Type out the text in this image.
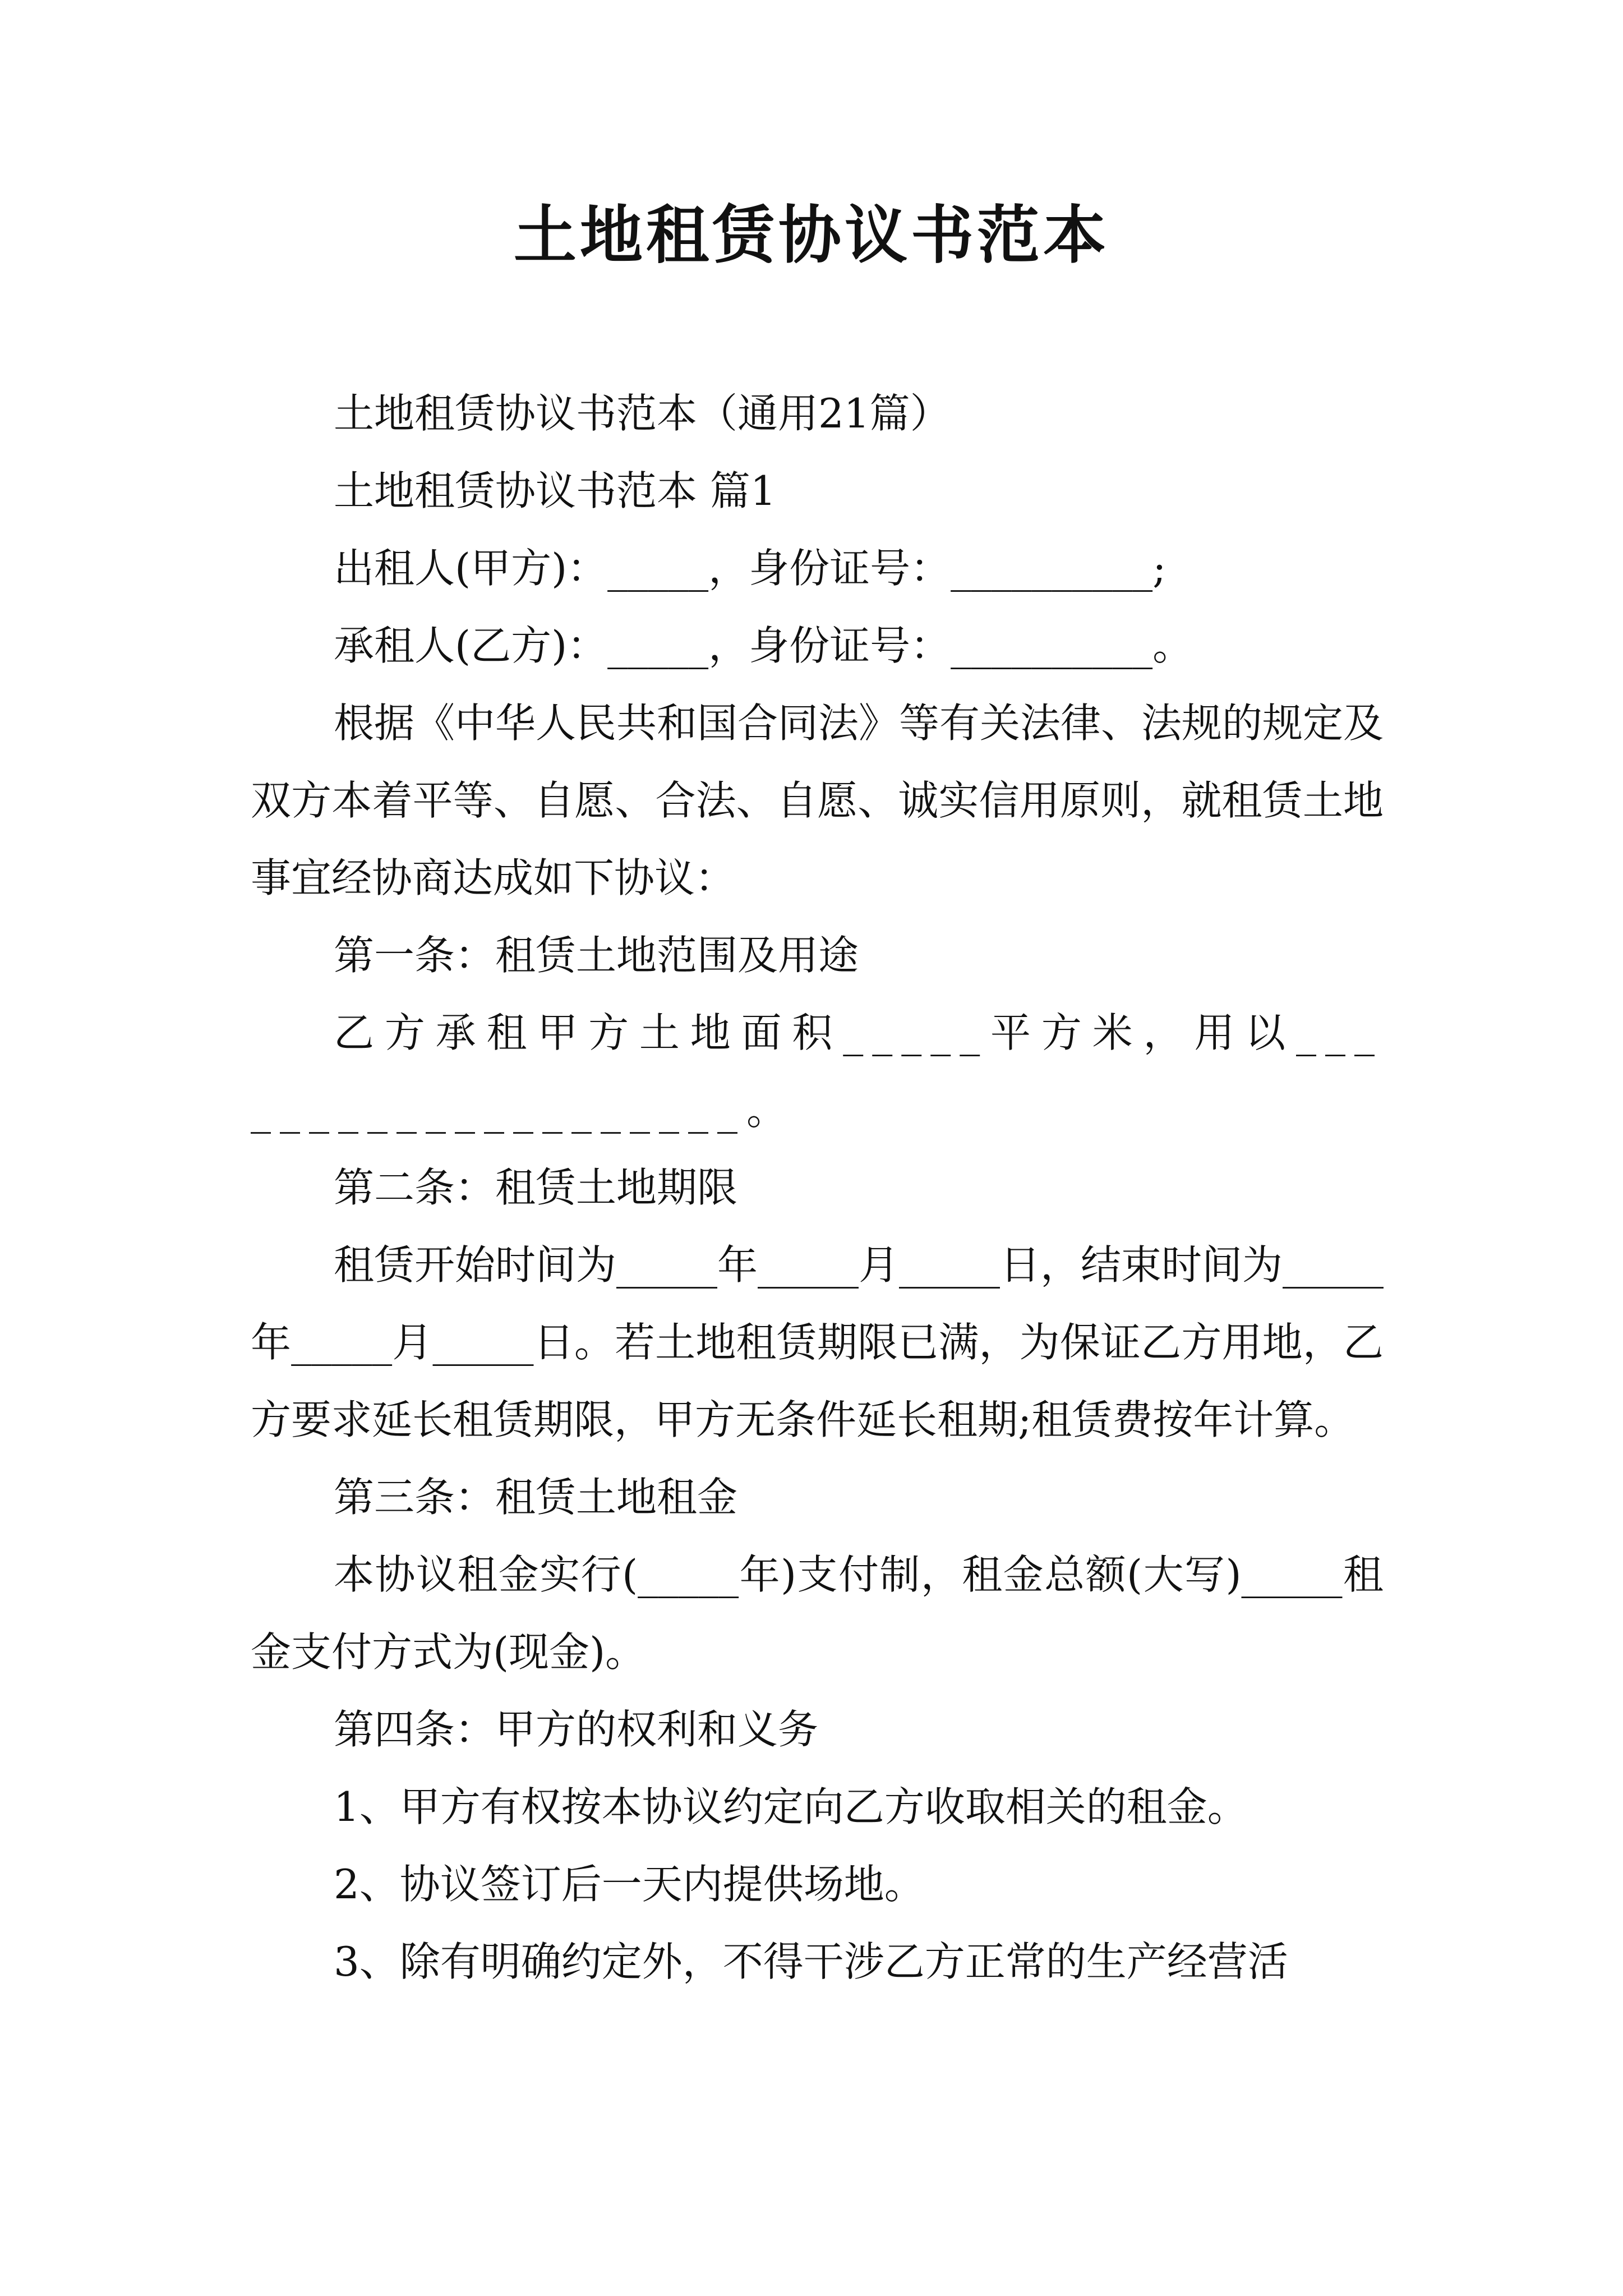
土地租赁协议书范本

土地租赁协议书范本（通用21篇）

土地租赁协议书范本 篇1

出租人(甲方)：_____，身份证号：__________;

承租人(乙方)：_____，身份证号：__________。

根据《中华人民共和国合同法》等有关法律、法规的规定及双方本着平等、自愿、合法、自愿、诚实信用原则，就租赁土地事宜经协商达成如下协议：

第一条：租赁土地范围及用途

乙方承租甲方土地面积_____平方米，用以____________________。

第二条：租赁土地期限

租赁开始时间为_____年_____月_____日，结束时间为_____年_____月_____日。若土地租赁期限已满，为保证乙方用地，乙方要求延长租赁期限，甲方无条件延长租期;租赁费按年计算。

第三条：租赁土地租金

本协议租金实行(_____年)支付制，租金总额(大写)_____租金支付方式为(现金)。

第四条：甲方的权利和义务

1、甲方有权按本协议约定向乙方收取相关的租金。

2、协议签订后一天内提供场地。

3、除有明确约定外，不得干涉乙方正常的生产经营活
